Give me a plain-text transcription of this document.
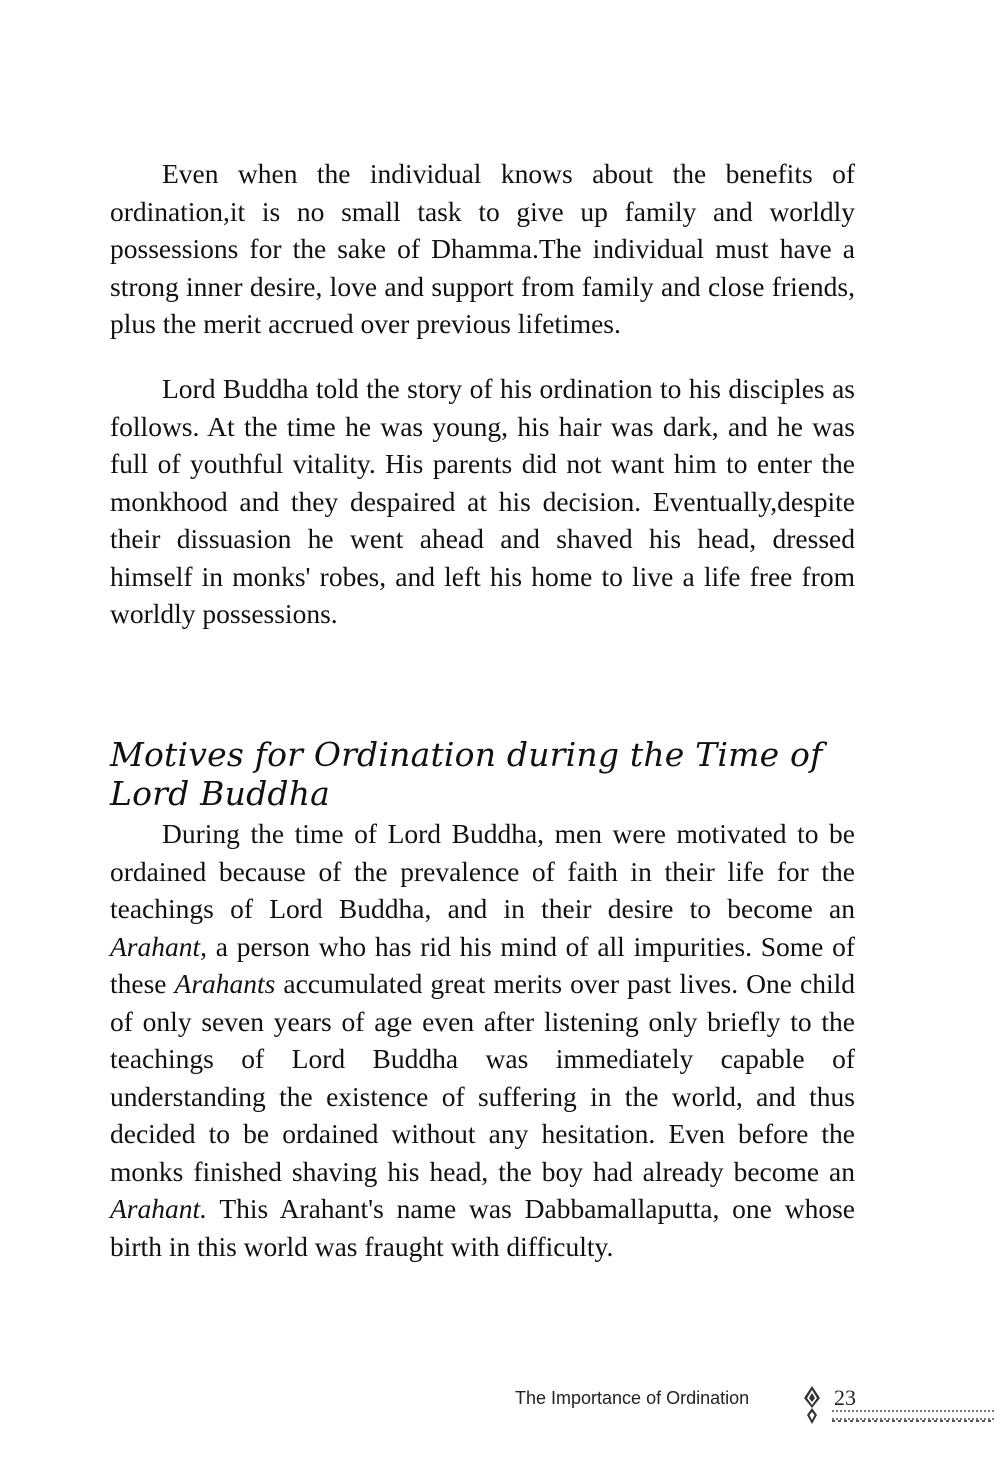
Even when the individual knows about the benefits of ordination,it is no small task to give up family and worldly possessions for the sake of Dhamma.The individual must have a strong inner desire, love and support from family and close friends, plus the merit accrued over previous lifetimes.

Lord Buddha told the story of his ordination to his disciples as follows. At the time he was young, his hair was dark, and he was full of youthful vitality. His parents did not want him to enter the monkhood and they despaired at his decision. Eventually,despite their dissuasion he went ahead and shaved his head, dressed himself in monks' robes, and left his home to live a life free from worldly possessions.

Motives for Ordination during the Time of Lord Buddha

During the time of Lord Buddha, men were motivated to be ordained because of the prevalence of faith in their life for the teachings of Lord Buddha, and in their desire to become an Arahant, a person who has rid his mind of all impurities. Some of these Arahants accumulated great merits over past lives. One child of only seven years of age even after listening only briefly to the teachings of Lord Buddha was immediately capable of understanding the existence of suffering in the world, and thus decided to be ordained without any hesitation. Even before the monks finished shaving his head, the boy had already become an Arahant. This Arahant's name was Dabbamallaputta, one whose birth in this world was fraught with difficulty.

The Importance of Ordination	23
